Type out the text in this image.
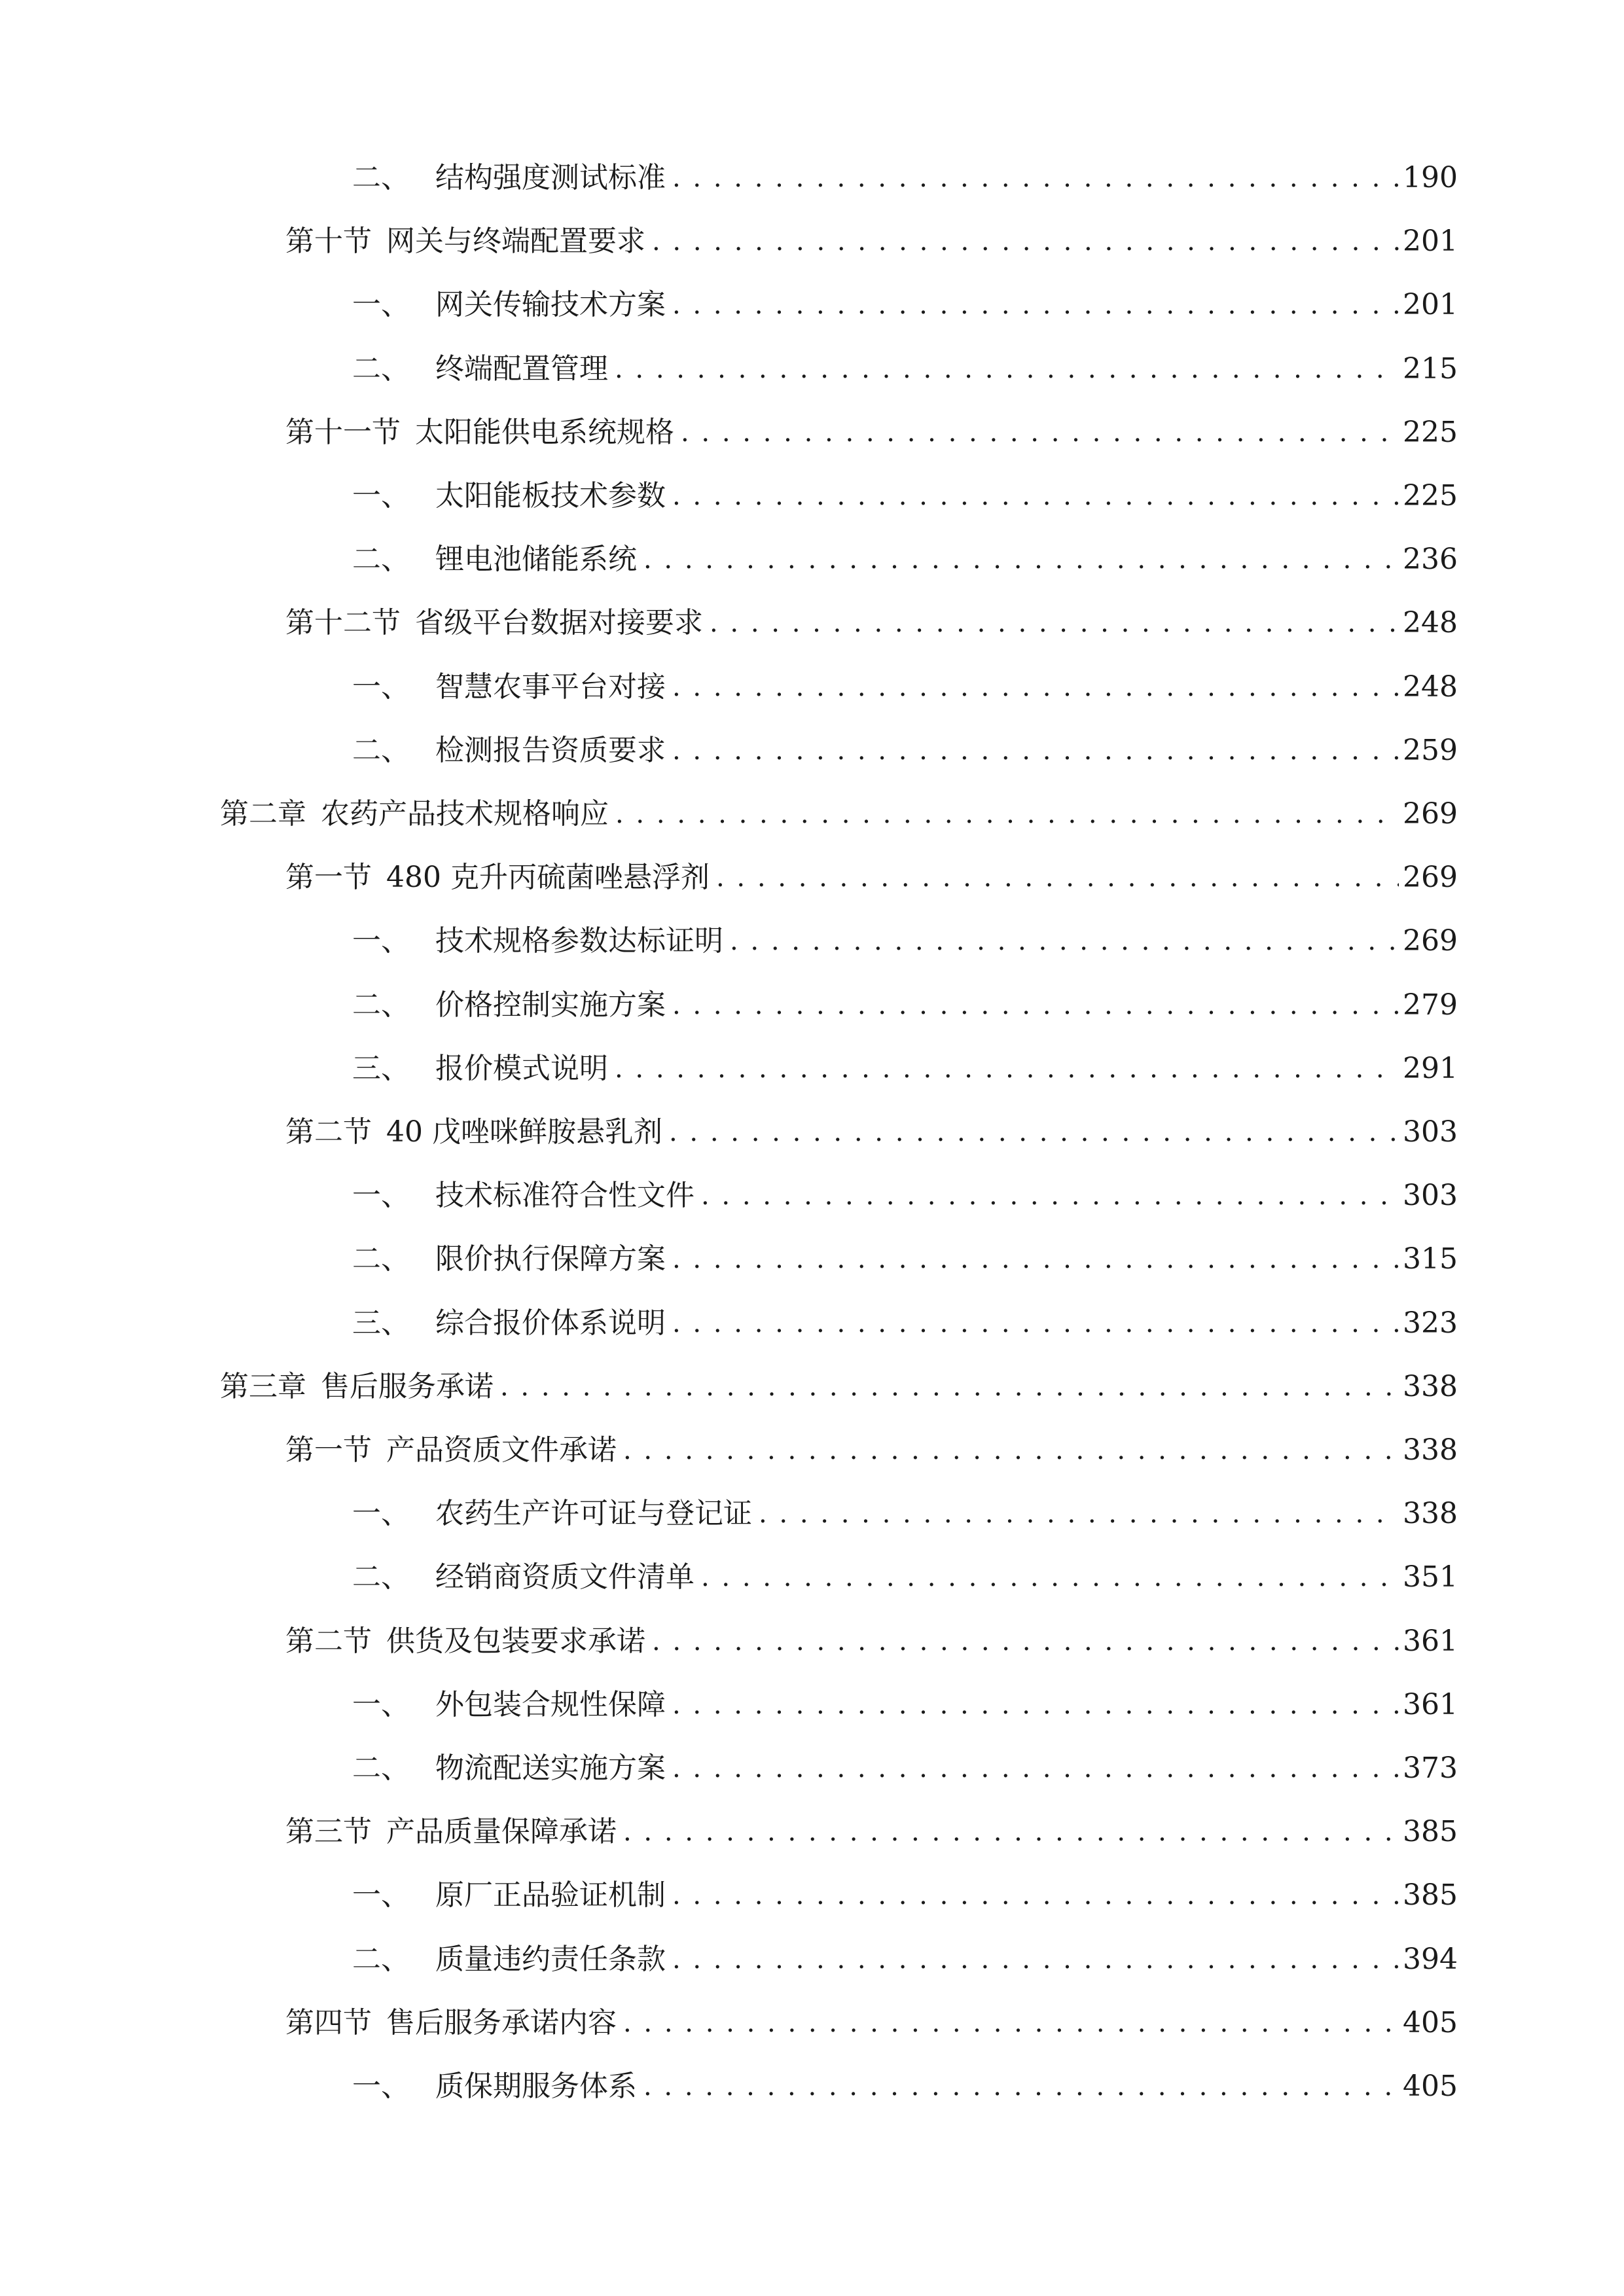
二、 结构强度测试标准 . . .	190
第十节 网关与终端配置要求 . . .	201
一、 网关传输技术方案 . . .	201
二、 终端配置管理 . . .	215
第十一节 太阳能供电系统规格 . . .	225
一、 太阳能板技术参数 . . .	225
二、 锂电池储能系统 . . .	236
第十二节 省级平台数据对接要求 . . .	248
一、 智慧农事平台对接 . . .	248
二、 检测报告资质要求 . . .	259
第二章 农药产品技术规格响应 . . .	269
第一节 480 克升丙硫菌唑悬浮剂 . . .	269
一、 技术规格参数达标证明 . . .	269
二、 价格控制实施方案 . . .	279
三、 报价模式说明 . . .	291
第二节 40 戊唑咪鲜胺悬乳剂 . . .	303
一、 技术标准符合性文件 . . .	303
二、 限价执行保障方案 . . .	315
三、 综合报价体系说明 . . .	323
第三章 售后服务承诺 . . .	338
第一节 产品资质文件承诺 . . .	338
一、 农药生产许可证与登记证 . . .	338
二、 经销商资质文件清单 . . .	351
第二节 供货及包装要求承诺 . . .	361
一、 外包装合规性保障 . . .	361
二、 物流配送实施方案 . . .	373
第三节 产品质量保障承诺 . . .	385
一、 原厂正品验证机制 . . .	385
二、 质量违约责任条款 . . .	394
第四节 售后服务承诺内容 . . .	405
一、 质保期服务体系 . . .	405
